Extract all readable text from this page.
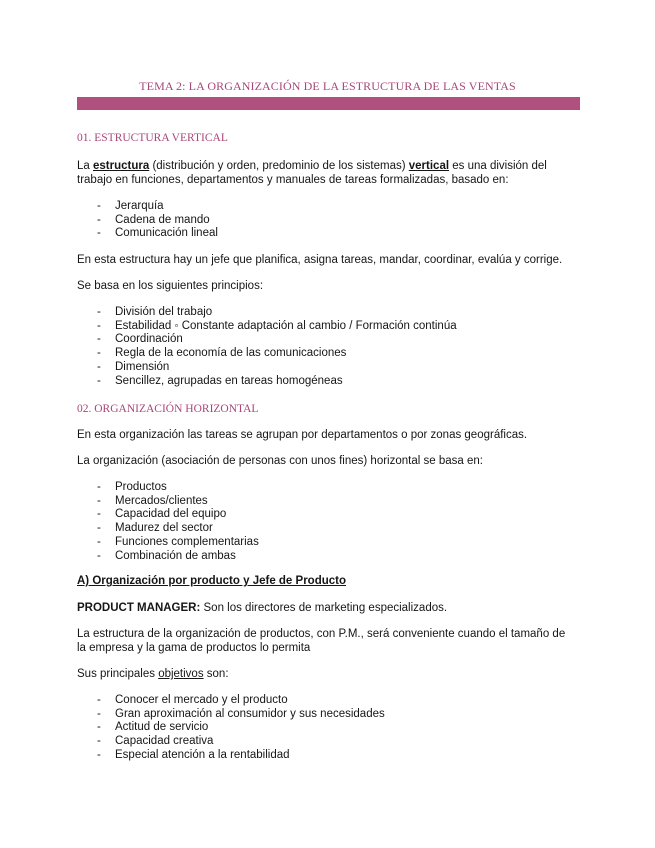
TEMA 2: LA ORGANIZACIÓN DE LA ESTRUCTURA DE LAS VENTAS
01. ESTRUCTURA VERTICAL
La estructura (distribución y orden, predominio de los sistemas) vertical es una división del
trabajo en funciones, departamentos y manuales de tareas formalizadas, basado en:
- Jerarquía
- Cadena de mando
- Comunicación lineal
En esta estructura hay un jefe que planifica, asigna tareas, mandar, coordinar, evalúa y corrige.
Se basa en los siguientes principios:
- División del trabajo
- Estabilidad ◦ Constante adaptación al cambio / Formación continúa
- Coordinación
- Regla de la economía de las comunicaciones
- Dimensión
- Sencillez, agrupadas en tareas homogéneas
02. ORGANIZACIÓN HORIZONTAL
En esta organización las tareas se agrupan por departamentos o por zonas geográficas.
La organización (asociación de personas con unos fines) horizontal se basa en:
- Productos
- Mercados/clientes
- Capacidad del equipo
- Madurez del sector
- Funciones complementarias
- Combinación de ambas
A) Organización por producto y Jefe de Producto
PRODUCT MANAGER: Son los directores de marketing especializados.
La estructura de la organización de productos, con P.M., será conveniente cuando el tamaño de
la empresa y la gama de productos lo permita
Sus principales objetivos son:
- Conocer el mercado y el producto
- Gran aproximación al consumidor y sus necesidades
- Actitud de servicio
- Capacidad creativa
- Especial atención a la rentabilidad
